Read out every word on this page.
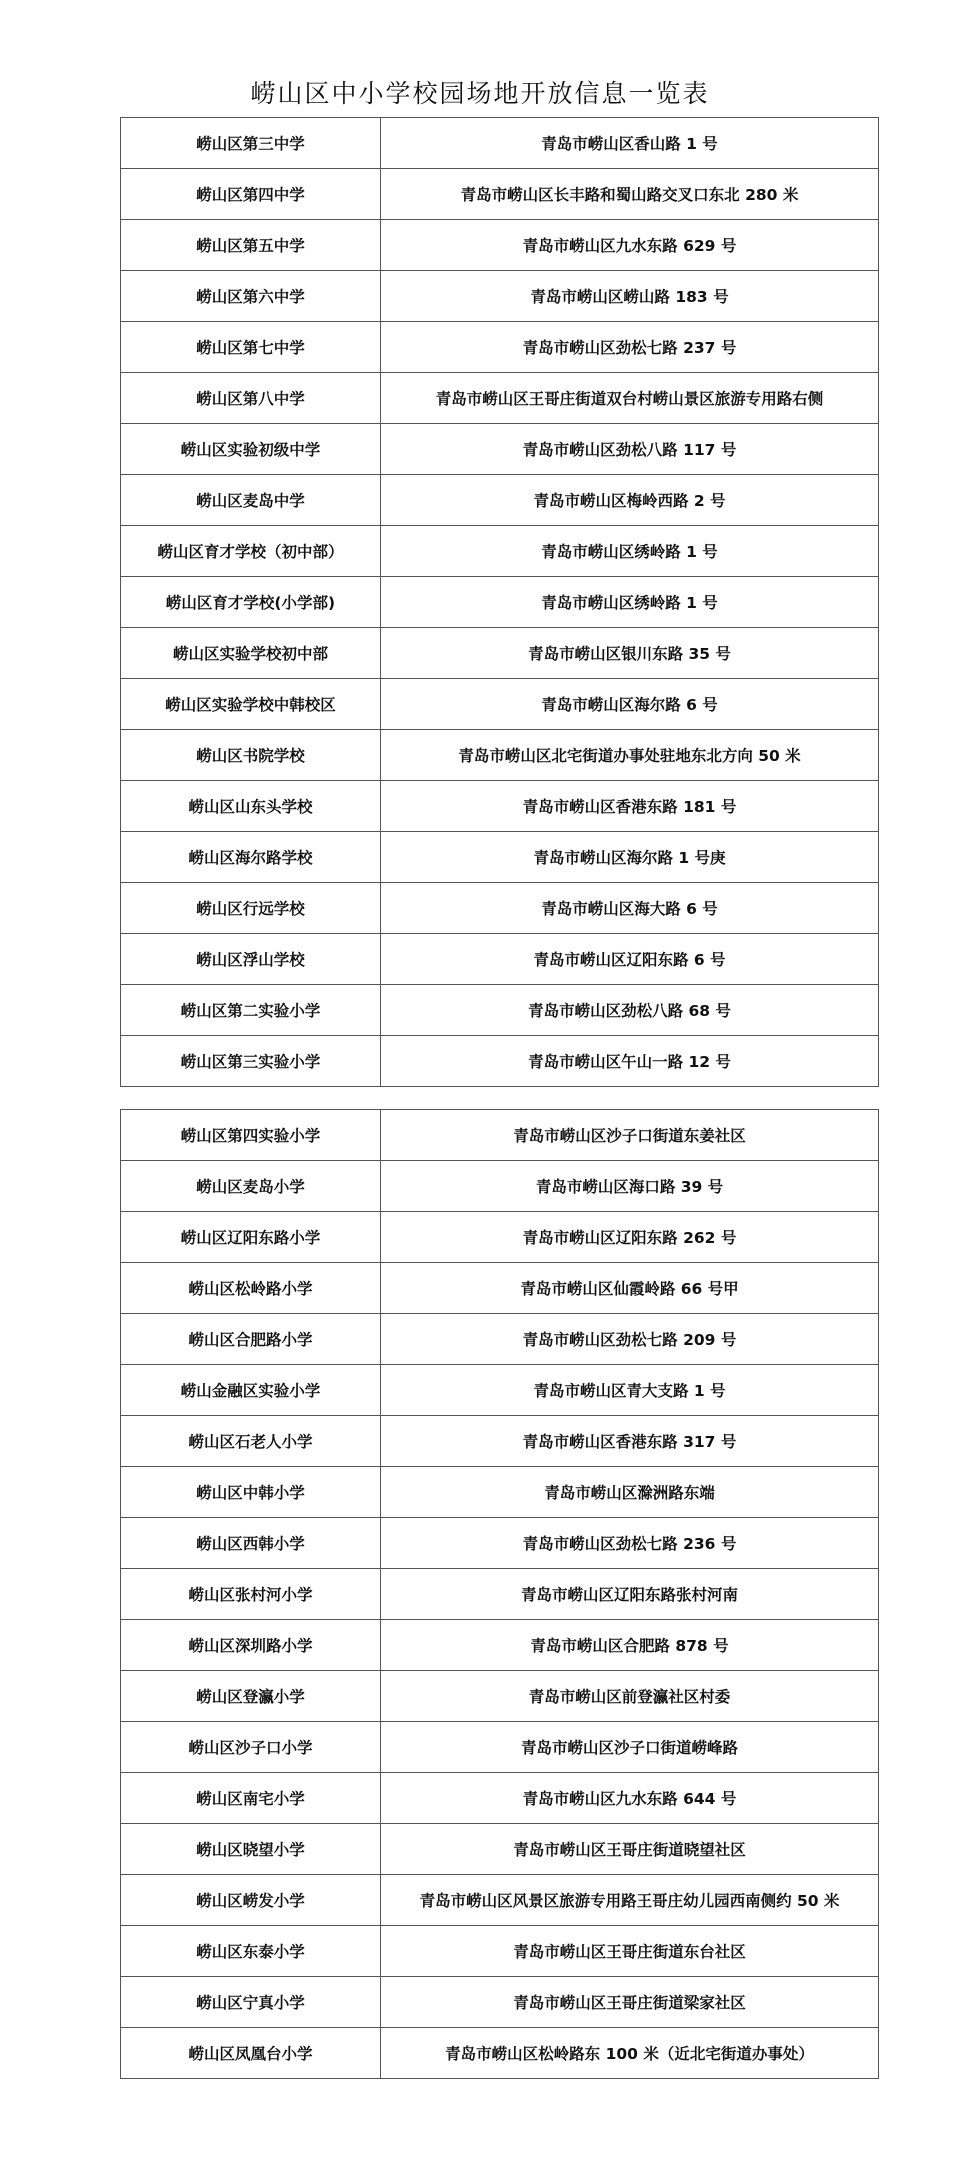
崂山区中小学校园场地开放信息一览表
崂山区第三中学	青岛市崂山区香山路 1 号
崂山区第四中学	青岛市崂山区长丰路和蜀山路交叉口东北 280 米
崂山区第五中学	青岛市崂山区九水东路 629 号
崂山区第六中学	青岛市崂山区崂山路 183 号
崂山区第七中学	青岛市崂山区劲松七路 237 号
崂山区第八中学	青岛市崂山区王哥庄街道双台村崂山景区旅游专用路右侧
崂山区实验初级中学	青岛市崂山区劲松八路 117 号
崂山区麦岛中学	青岛市崂山区梅岭西路 2 号
崂山区育才学校（初中部）	青岛市崂山区绣岭路 1 号
崂山区育才学校(小学部)	青岛市崂山区绣岭路 1 号
崂山区实验学校初中部	青岛市崂山区银川东路 35 号
崂山区实验学校中韩校区	青岛市崂山区海尔路 6 号
崂山区书院学校	青岛市崂山区北宅街道办事处驻地东北方向 50 米
崂山区山东头学校	青岛市崂山区香港东路 181 号
崂山区海尔路学校	青岛市崂山区海尔路 1 号庚
崂山区行远学校	青岛市崂山区海大路 6 号
崂山区浮山学校	青岛市崂山区辽阳东路 6 号
崂山区第二实验小学	青岛市崂山区劲松八路 68 号
崂山区第三实验小学	青岛市崂山区午山一路 12 号
崂山区第四实验小学	青岛市崂山区沙子口街道东姜社区
崂山区麦岛小学	青岛市崂山区海口路 39 号
崂山区辽阳东路小学	青岛市崂山区辽阳东路 262 号
崂山区松岭路小学	青岛市崂山区仙霞岭路 66 号甲
崂山区合肥路小学	青岛市崂山区劲松七路 209 号
崂山金融区实验小学	青岛市崂山区青大支路 1 号
崂山区石老人小学	青岛市崂山区香港东路 317 号
崂山区中韩小学	青岛市崂山区滁洲路东端
崂山区西韩小学	青岛市崂山区劲松七路 236 号
崂山区张村河小学	青岛市崂山区辽阳东路张村河南
崂山区深圳路小学	青岛市崂山区合肥路 878 号
崂山区登瀛小学	青岛市崂山区前登瀛社区村委
崂山区沙子口小学	青岛市崂山区沙子口街道崂峰路
崂山区南宅小学	青岛市崂山区九水东路 644 号
崂山区晓望小学	青岛市崂山区王哥庄街道晓望社区
崂山区崂发小学	青岛市崂山区风景区旅游专用路王哥庄幼儿园西南侧约 50 米
崂山区东泰小学	青岛市崂山区王哥庄街道东台社区
崂山区宁真小学	青岛市崂山区王哥庄街道梁家社区
崂山区凤凰台小学	青岛市崂山区松岭路东 100 米（近北宅街道办事处）
